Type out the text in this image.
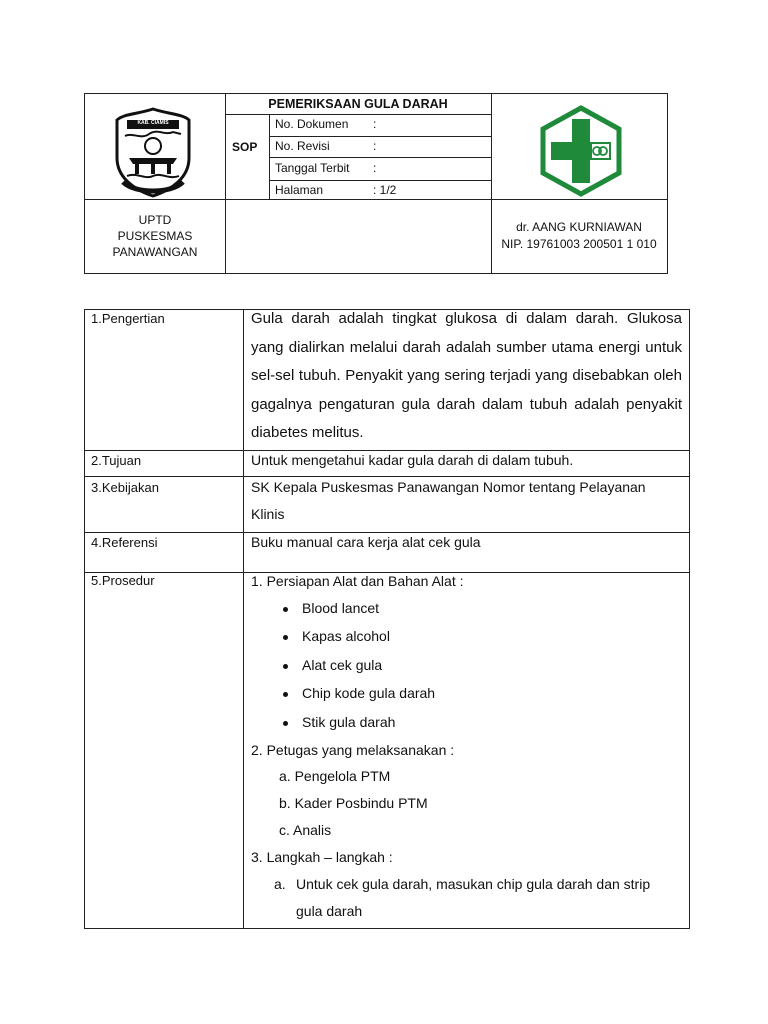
KAB. CIAMIS
PEMERIKSAAN GULA DARAH
SOP
No. Dokumen :
No. Revisi	:
Tanggal Terbit :
Halaman	: 1/2
UPTD
PUSKESMAS
PANAWANGAN
dr. AANG KURNIAWAN
NIP. 19761003 200501 1 010
1.Pengertian	Gula darah adalah tingkat glukosa di dalam darah. Glukosa yang dialirkan melalui darah adalah sumber utama energi untuk sel-sel tubuh. Penyakit yang sering terjadi yang disebabkan oleh gagalnya pengaturan gula darah dalam tubuh adalah penyakit diabetes melitus.
2.Tujuan	Untuk mengetahui kadar gula darah di dalam tubuh.
3.Kebijakan	SK Kepala Puskesmas Panawangan Nomor tentang Pelayanan
Klinis
4.Referensi	Buku manual cara kerja alat cek gula
5.Prosedur	1. Persiapan Alat dan Bahan Alat :
Blood lancet
Kapas alcohol
Alat cek gula
Chip kode gula darah
Stik gula darah
2. Petugas yang melaksanakan :
a. Pengelola PTM
b. Kader Posbindu PTM
c. Analis
3. Langkah – langkah :
a. Untuk cek gula darah, masukan chip gula darah dan strip
gula darah
